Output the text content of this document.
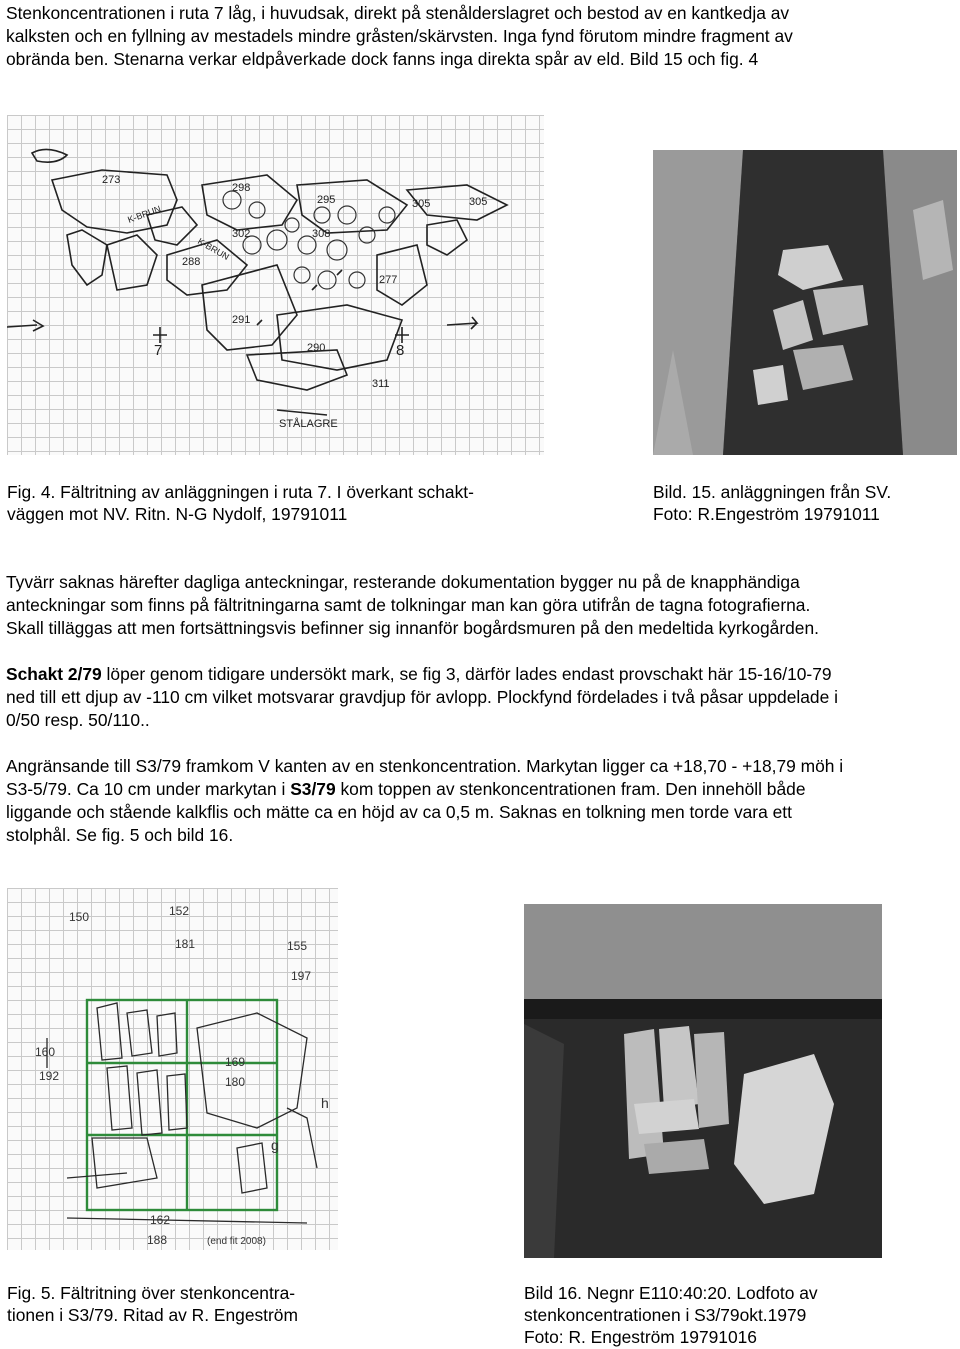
Stenkoncentrationen i ruta 7 låg, i huvudsak, direkt på stenålderslagret och bestod av en kantkedja av

kalksten och en fyllning av mestadels mindre gråsten/skärvsten. Inga fynd förutom mindre fragment av

obrända ben. Stenarna verkar eldpåverkade dock fanns inga direkta spår av eld. Bild 15 och fig. 4

273
298
295	305	305
302
288
308
277
291
290
311
7	8
K-BRUN
K-BRUN
STÅLAGRE

Fig. 4. Fältritning av anläggningen i ruta 7. I överkant schakt-

väggen mot NV. Ritn. N-G Nydolf, 19791011

Bild. 15. anläggningen från SV.

Foto: R.Engeström 19791011

Tyvärr saknas härefter dagliga anteckningar, resterande dokumentation bygger nu på de knapphändiga

anteckningar som finns på fältritningarna samt de tolkningar man kan göra utifrån de tagna fotografierna.

Skall tilläggas att men fortsättningsvis befinner sig innanför bogårdsmuren på den medeltida kyrkogården.

Schakt 2/79 löper genom tidigare undersökt mark, se fig 3, därför lades endast provschakt här 15-16/10-79

ned till ett djup av -110 cm vilket motsvarar gravdjup för avlopp. Plockfynd fördelades i två påsar uppdelade i

0/50 resp. 50/110..

Angränsande till S3/79 framkom V kanten av en stenkoncentration. Markytan ligger ca +18,70 - +18,79 möh i

S3-5/79. Ca 10 cm under markytan i S3/79 kom toppen av stenkoncentrationen fram. Den innehöll både

liggande och stående kalkflis och mätte ca en höjd av ca 0,5 m. Saknas en tolkning men torde vara ett

stolphål. Se fig. 5 och bild 16.

150	152
181	155
197
160
192
169
180
162
188	(end fit 2008)
h
g

Fig. 5. Fältritning över stenkoncentra-

tionen i S3/79. Ritad av R. Engeström

Bild 16. Negnr E110:40:20. Lodfoto av

stenkoncentrationen i S3/79okt.1979

Foto: R. Engeström 19791016
